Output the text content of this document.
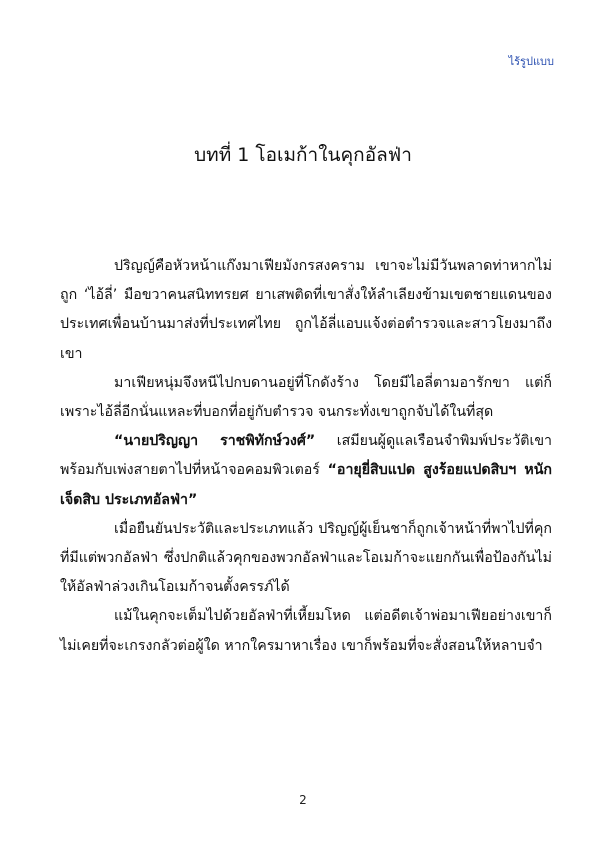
ไร้รูปแบบ
บทที่ 1 โอเมก้าในคุกอัลฟ่า

ปริญญ์คือหัวหน้าแก๊งมาเฟียมังกรสงคราม เขาจะไม่มีวันพลาดท่าหากไม่ถูก ‘ไอ้ลี่’ มือขวาคนสนิททรยศ ยาเสพติดที่เขาสั่งให้ลำเลียงข้ามเขตชายแดนของประเทศเพื่อนบ้านมาส่งที่ประเทศไทย ถูกไอ้ลี่แอบแจ้งต่อตำรวจและสาวโยงมาถึงเขา

มาเฟียหนุ่มจึงหนีไปกบดานอยู่ที่โกดังร้าง โดยมีไอลี่ตามอารักขา แต่ก็เพราะไอ้ลี่อีกนั่นแหละที่บอกที่อยู่กับตำรวจ จนกระทั่งเขาถูกจับได้ในที่สุด

“นายปริญญา ราชพิทักษ์วงศ์” เสมียนผู้ดูแลเรือนจำพิมพ์ประวัติเขาพร้อมกับเพ่งสายตาไปที่หน้าจอคอมพิวเตอร์ “อายุยี่สิบแปด สูงร้อยแปดสิบฯ หนักเจ็ดสิบ ประเภทอัลฟ่า”

เมื่อยืนยันประวัติและประเภทแล้ว ปริญญ์ผู้เย็นชาก็ถูกเจ้าหน้าที่พาไปที่คุกที่มีแต่พวกอัลฟ่า ซึ่งปกติแล้วคุกของพวกอัลฟ่าและโอเมก้าจะแยกกันเพื่อป้องกันไม่ให้อัลฟ่าล่วงเกินโอเมก้าจนตั้งครรภ์ได้

แม้ในคุกจะเต็มไปด้วยอัลฟ่าที่เหี้ยมโหด แต่อดีตเจ้าพ่อมาเฟียอย่างเขาก็ไม่เคยที่จะเกรงกลัวต่อผู้ใด หากใครมาหาเรื่อง เขาก็พร้อมที่จะสั่งสอนให้หลาบจำ

2
